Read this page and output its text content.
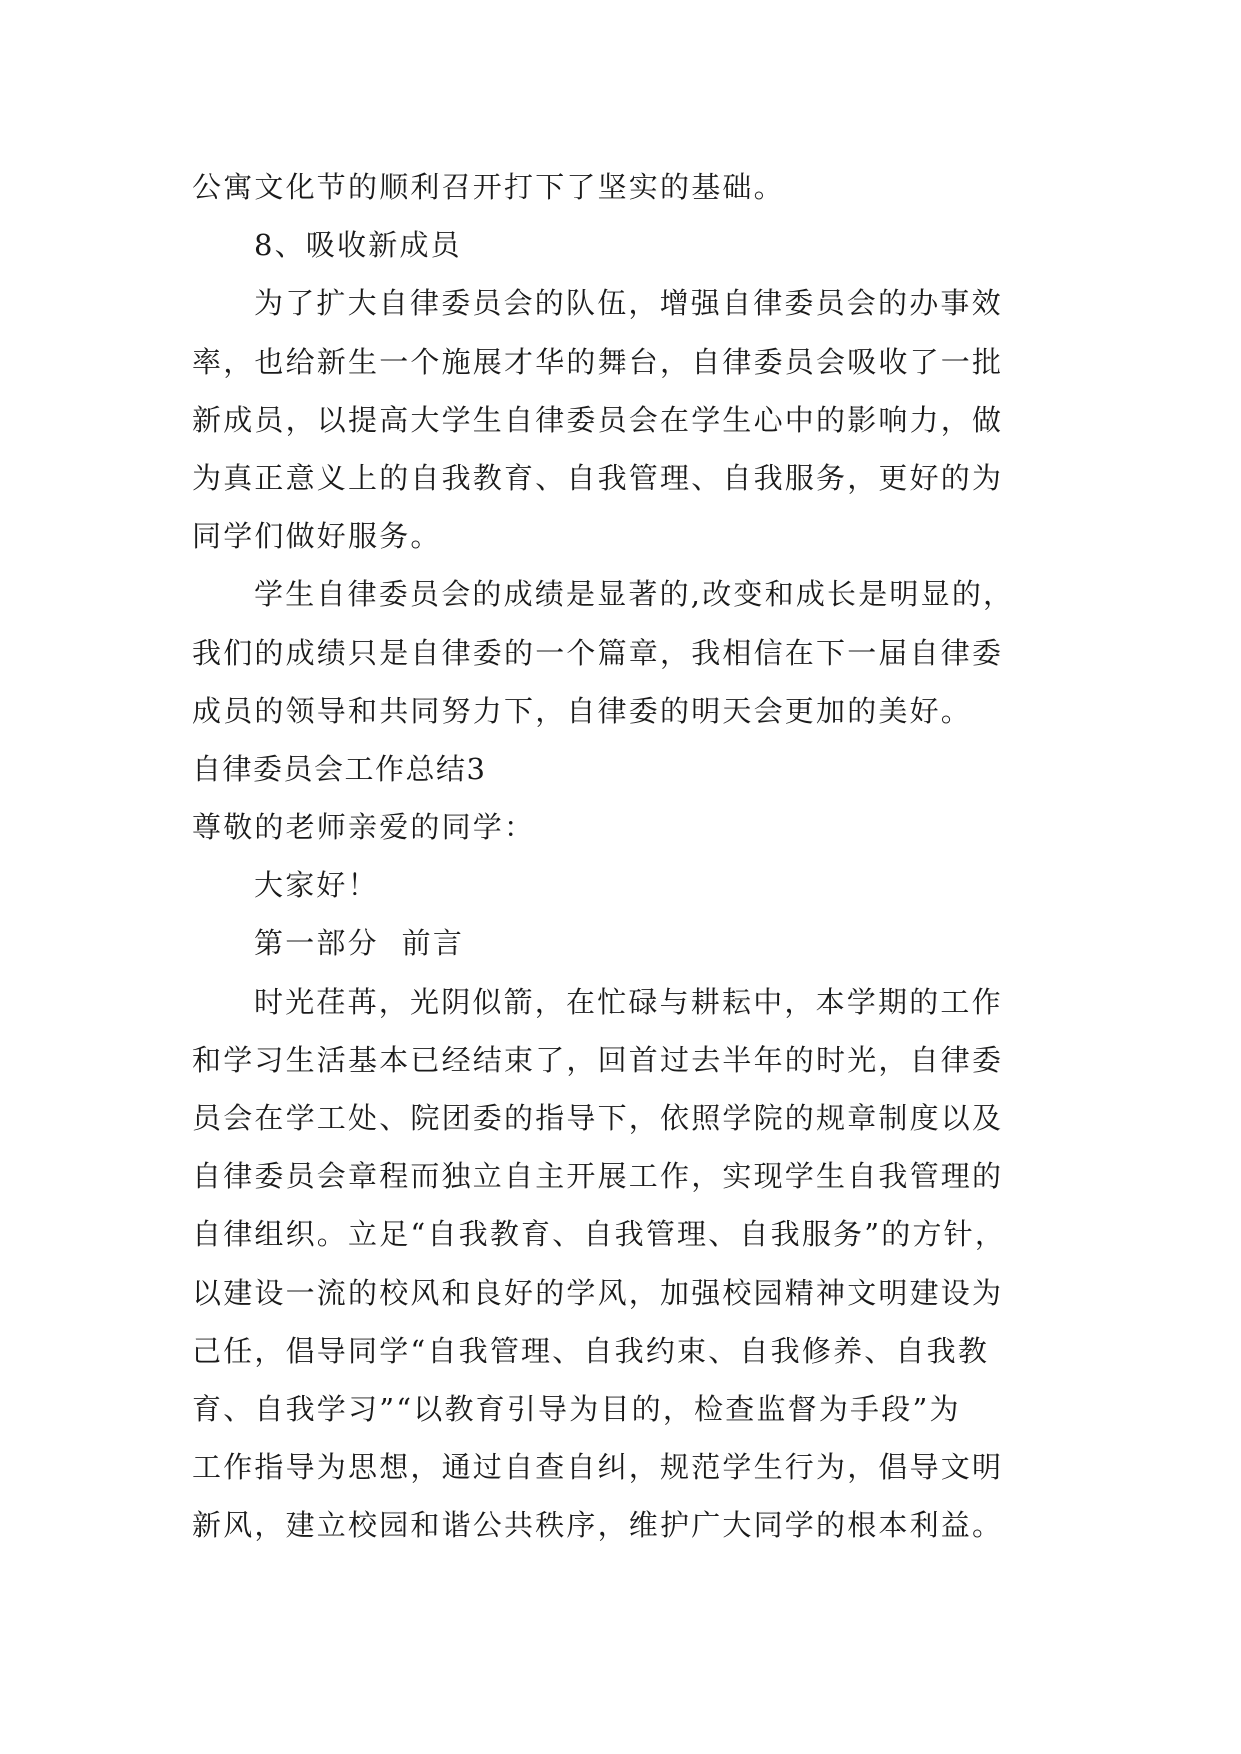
公寓文化节的顺利召开打下了坚实的基础。

8、吸收新成员

为了扩大自律委员会的队伍，增强自律委员会的办事效

率，也给新生一个施展才华的舞台，自律委员会吸收了一批

新成员，以提高大学生自律委员会在学生心中的影响力，做

为真正意义上的自我教育、自我管理、自我服务，更好的为

同学们做好服务。

学生自律委员会的成绩是显著的,改变和成长是明显的，

我们的成绩只是自律委的一个篇章，我相信在下一届自律委

成员的领导和共同努力下，自律委的明天会更加的美好。

自律委员会工作总结3

尊敬的老师亲爱的同学：

大家好！

第一部分  前言

时光荏苒，光阴似箭，在忙碌与耕耘中，本学期的工作

和学习生活基本已经结束了，回首过去半年的时光，自律委

员会在学工处、院团委的指导下，依照学院的规章制度以及

自律委员会章程而独立自主开展工作，实现学生自我管理的

自律组织。立足“自我教育、自我管理、自我服务”的方针，

以建设一流的校风和良好的学风，加强校园精神文明建设为

己任，倡导同学“自我管理、自我约束、自我修养、自我教

育、自我学习”“以教育引导为目的，检查监督为手段”为

工作指导为思想，通过自查自纠，规范学生行为，倡导文明

新风，建立校园和谐公共秩序，维护广大同学的根本利益。
